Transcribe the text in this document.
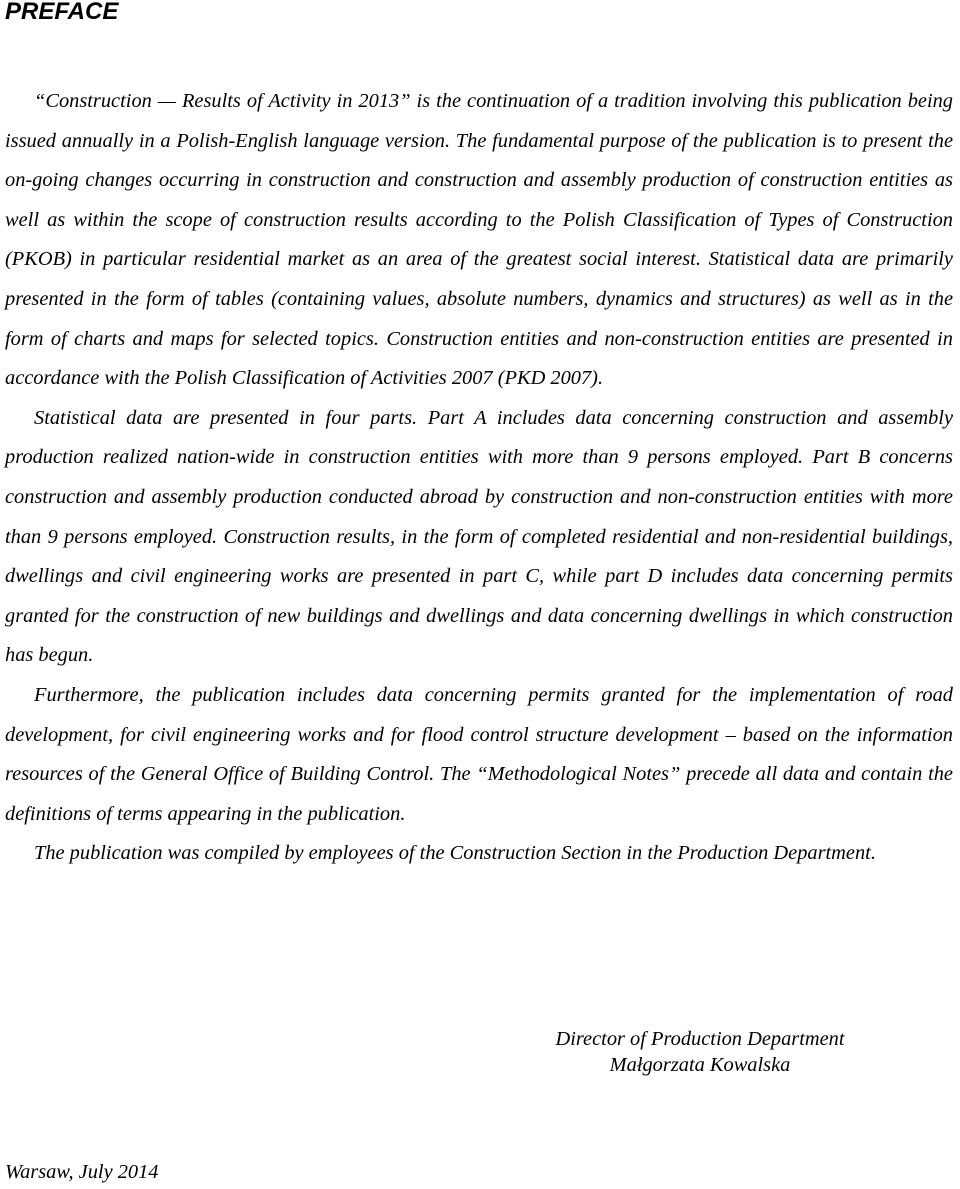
PREFACE

“Construction — Results of Activity in 2013” is the continuation of a tradition involving this publication being issued annually in a Polish-English language version. The fundamental purpose of the publication is to present the on-going changes occurring in construction and construction and assembly production of construction entities as well as within the scope of construction results according to the Polish Classification of Types of Construction (PKOB) in particular residential market as an area of the greatest social interest. Statistical data are primarily presented in the form of tables (containing values, absolute numbers, dynamics and structures) as well as in the form of charts and maps for selected topics. Construction entities and non-construction entities are presented in accordance with the Polish Classification of Activities 2007 (PKD 2007).

Statistical data are presented in four parts. Part A includes data concerning construction and assembly production realized nation-wide in construction entities with more than 9 persons employed. Part B concerns construction and assembly production conducted abroad by construction and non-construction entities with more than 9 persons employed. Construction results, in the form of completed residential and non-residential buildings, dwellings and civil engineering works are presented in part C, while part D includes data concerning permits granted for the construction of new buildings and dwellings and data concerning dwellings in which construction has begun.

Furthermore, the publication includes data concerning permits granted for the implementation of road development, for civil engineering works and for flood control structure development – based on the information resources of the General Office of Building Control. The “Methodological Notes” precede all data and contain the definitions of terms appearing in the publication.

The publication was compiled by employees of the Construction Section in the Production Department.

Director of Production Department
Małgorzata Kowalska
Warsaw, July 2014
